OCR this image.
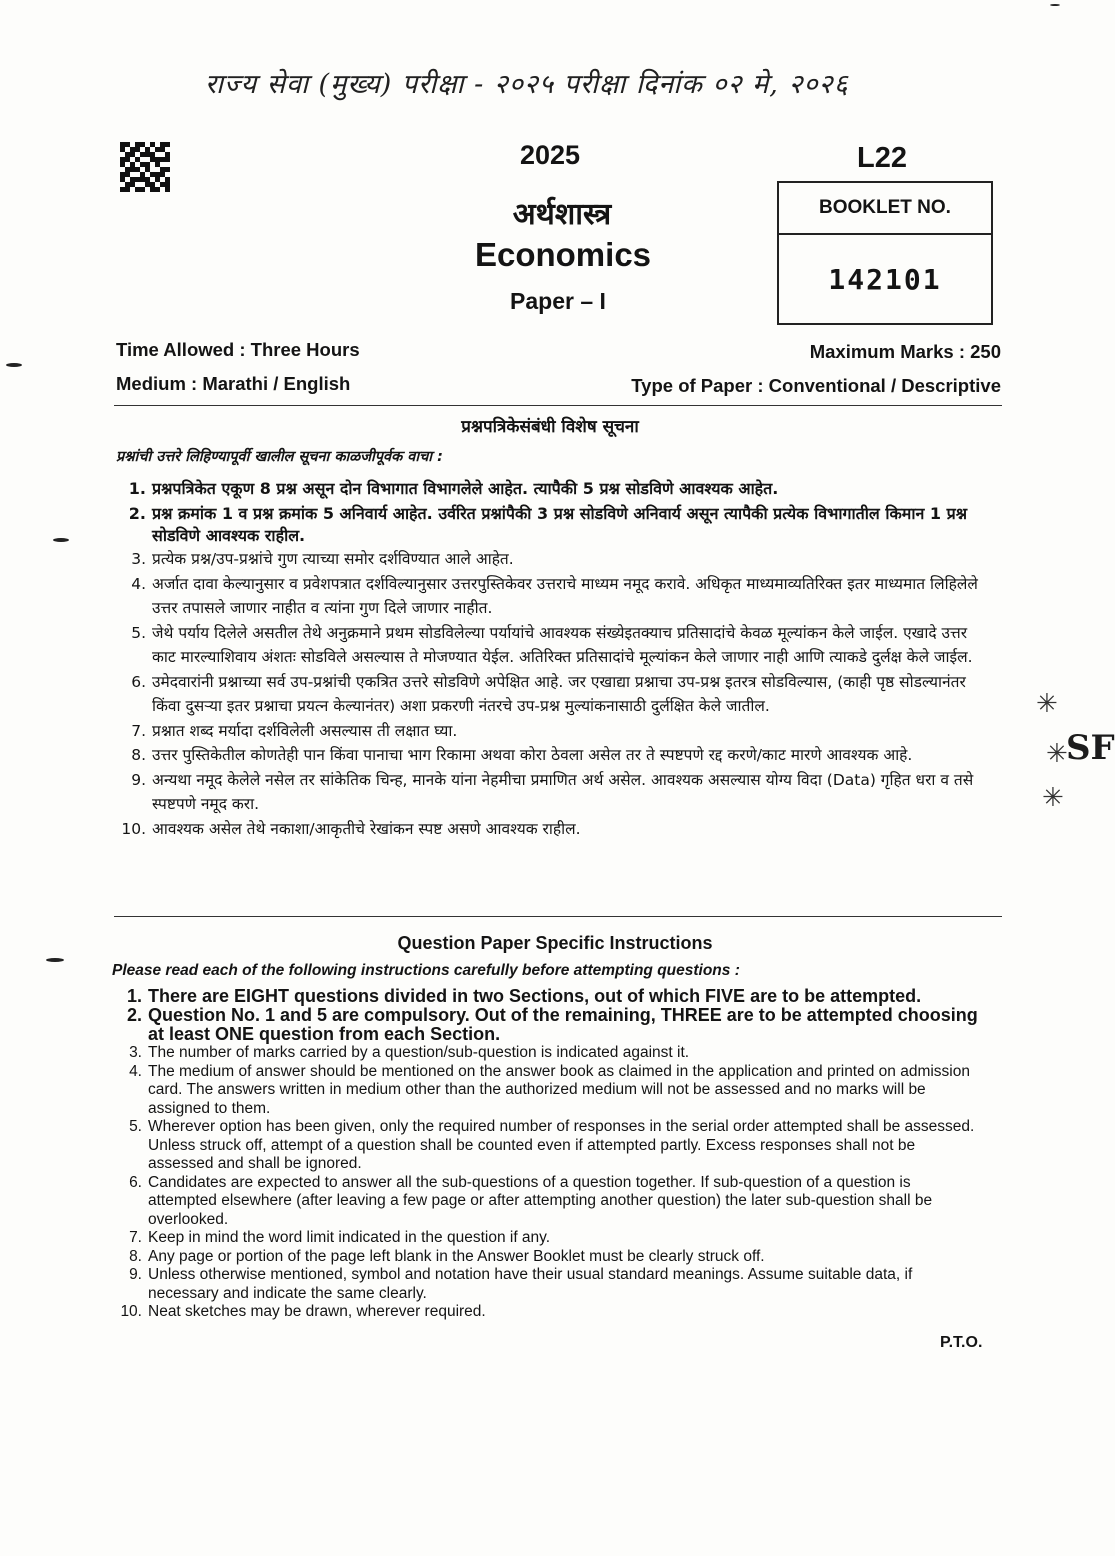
राज्य सेवा (मुख्य) परीक्षा - २०२५ परीक्षा दिनांक ०२ मे, २०२६
2025	L22
अर्थशास्त्र
Economics
Paper – I
BOOKLET NO.
142101
Time Allowed : Three Hours	Maximum Marks : 250
Medium : Marathi / English	Type of Paper : Conventional / Descriptive
प्रश्नपत्रिकेसंबंधी विशेष सूचना
प्रश्नांची उत्तरे लिहिण्यापूर्वी खालील सूचना काळजीपूर्वक वाचा :
1. प्रश्नपत्रिकेत एकूण 8 प्रश्न असून दोन विभागात विभागलेले आहेत. त्यापैकी 5 प्रश्न सोडविणे आवश्यक आहेत.
2. प्रश्न क्रमांक 1 व प्रश्न क्रमांक 5 अनिवार्य आहेत. उर्वरित प्रश्नांपैकी 3 प्रश्न सोडविणे अनिवार्य असून त्यापैकी प्रत्येक विभागातील किमान 1 प्रश्न सोडविणे आवश्यक राहील.
3. प्रत्येक प्रश्न/उप-प्रश्नांचे गुण त्याच्या समोर दर्शविण्यात आले आहेत.
4. अर्जात दावा केल्यानुसार व प्रवेशपत्रात दर्शविल्यानुसार उत्तरपुस्तिकेवर उत्तराचे माध्यम नमूद करावे. अधिकृत माध्यमाव्यतिरिक्त इतर माध्यमात लिहिलेले उत्तर तपासले जाणार नाहीत व त्यांना गुण दिले जाणार नाहीत.
5. जेथे पर्याय दिलेले असतील तेथे अनुक्रमाने प्रथम सोडविलेल्या पर्यायांचे आवश्यक संख्येइतक्याच प्रतिसादांचे केवळ मूल्यांकन केले जाईल. एखादे उत्तर काट मारल्याशिवाय अंशतः सोडविले असल्यास ते मोजण्यात येईल. अतिरिक्त प्रतिसादांचे मूल्यांकन केले जाणार नाही आणि त्याकडे दुर्लक्ष केले जाईल.
6. उमेदवारांनी प्रश्नाच्या सर्व उप-प्रश्नांची एकत्रित उत्तरे सोडविणे अपेक्षित आहे. जर एखाद्या प्रश्नाचा उप-प्रश्न इतरत्र सोडविल्यास, (काही पृष्ठ सोडल्यानंतर किंवा दुसऱ्या इतर प्रश्नाचा प्रयत्न केल्यानंतर) अशा प्रकरणी नंतरचे उप-प्रश्न मुल्यांकनासाठी दुर्लक्षित केले जातील.
7. प्रश्नात शब्द मर्यादा दर्शविलेली असल्यास ती लक्षात घ्या.
8. उत्तर पुस्तिकेतील कोणतेही पान किंवा पानाचा भाग रिकामा अथवा कोरा ठेवला असेल तर ते स्पष्टपणे रद्द करणे/काट मारणे आवश्यक आहे.
9. अन्यथा नमूद केलेले नसेल तर सांकेतिक चिन्ह, मानके यांना नेहमीचा प्रमाणित अर्थ असेल. आवश्यक असल्यास योग्य विदा (Data) गृहित धरा व तसे स्पष्टपणे नमूद करा.
10. आवश्यक असेल तेथे नकाशा/आकृतीचे रेखांकन स्पष्ट असणे आवश्यक राहील.
Question Paper Specific Instructions
Please read each of the following instructions carefully before attempting questions :
1. There are EIGHT questions divided in two Sections, out of which FIVE are to be attempted.
2. Question No. 1 and 5 are compulsory. Out of the remaining, THREE are to be attempted choosing at least ONE question from each Section.
3. The number of marks carried by a question/sub-question is indicated against it.
4. The medium of answer should be mentioned on the answer book as claimed in the application and printed on admission card. The answers written in medium other than the authorized medium will not be assessed and no marks will be assigned to them.
5. Wherever option has been given, only the required number of responses in the serial order attempted shall be assessed. Unless struck off, attempt of a question shall be counted even if attempted partly. Excess responses shall not be assessed and shall be ignored.
6. Candidates are expected to answer all the sub-questions of a question together. If sub-question of a question is attempted elsewhere (after leaving a few page or after attempting another question) the later sub-question shall be overlooked.
7. Keep in mind the word limit indicated in the question if any.
8. Any page or portion of the page left blank in the Answer Booklet must be clearly struck off.
9. Unless otherwise mentioned, symbol and notation have their usual standard meanings. Assume suitable data, if necessary and indicate the same clearly.
10. Neat sketches may be drawn, wherever required.
P.T.O.
✳
✳
SF
✳
